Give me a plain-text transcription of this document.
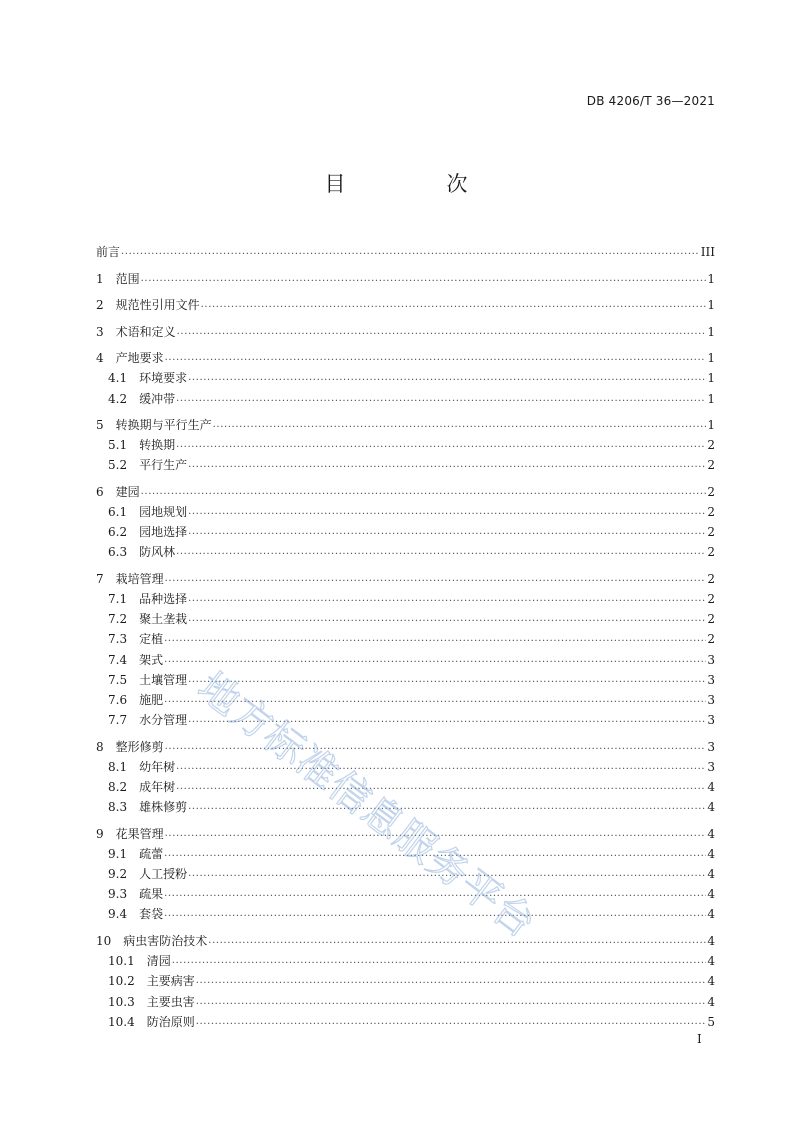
DB 4206/T 36—2021
目　次
前言 .....	III
1　 范围 .....	1
2　 规范性引用文件 .....	1
3　 术语和定义 .....	1
4　 产地要求 .....	1
4.1　 环境要求 .....	1
4.2　 缓冲带 .....	1
5　 转换期与平行生产 .....	1
5.1　 转换期 .....	2
5.2　 平行生产 .....	2
6　 建园 .....	2
6.1　 园地规划 .....	2
6.2　 园地选择 .....	2
6.3　 防风林 .....	2
7　 栽培管理 .....	2
7.1　 品种选择 .....	2
7.2　 聚土垄栽 .....	2
7.3　 定植 .....	2
7.4　 架式 .....	3
7.5　 土壤管理 .....	3
7.6　 施肥 .....	3
7.7　 水分管理 .....	3
8　 整形修剪 .....	3
8.1　 幼年树 .....	3
8.2　 成年树 .....	4
8.3　 雄株修剪 .....	4
9　 花果管理 .....	4
9.1　 疏蕾 .....	4
9.2　 人工授粉 .....	4
9.3　 疏果 .....	4
9.4　 套袋 .....	4
10　 病虫害防治技术 .....	4
10.1　 清园 .....	4
10.2　 主要病害 .....	4
10.3　 主要虫害 .....	4
10.4　 防治原则 .....	5
I
地方标准信息服务平台
